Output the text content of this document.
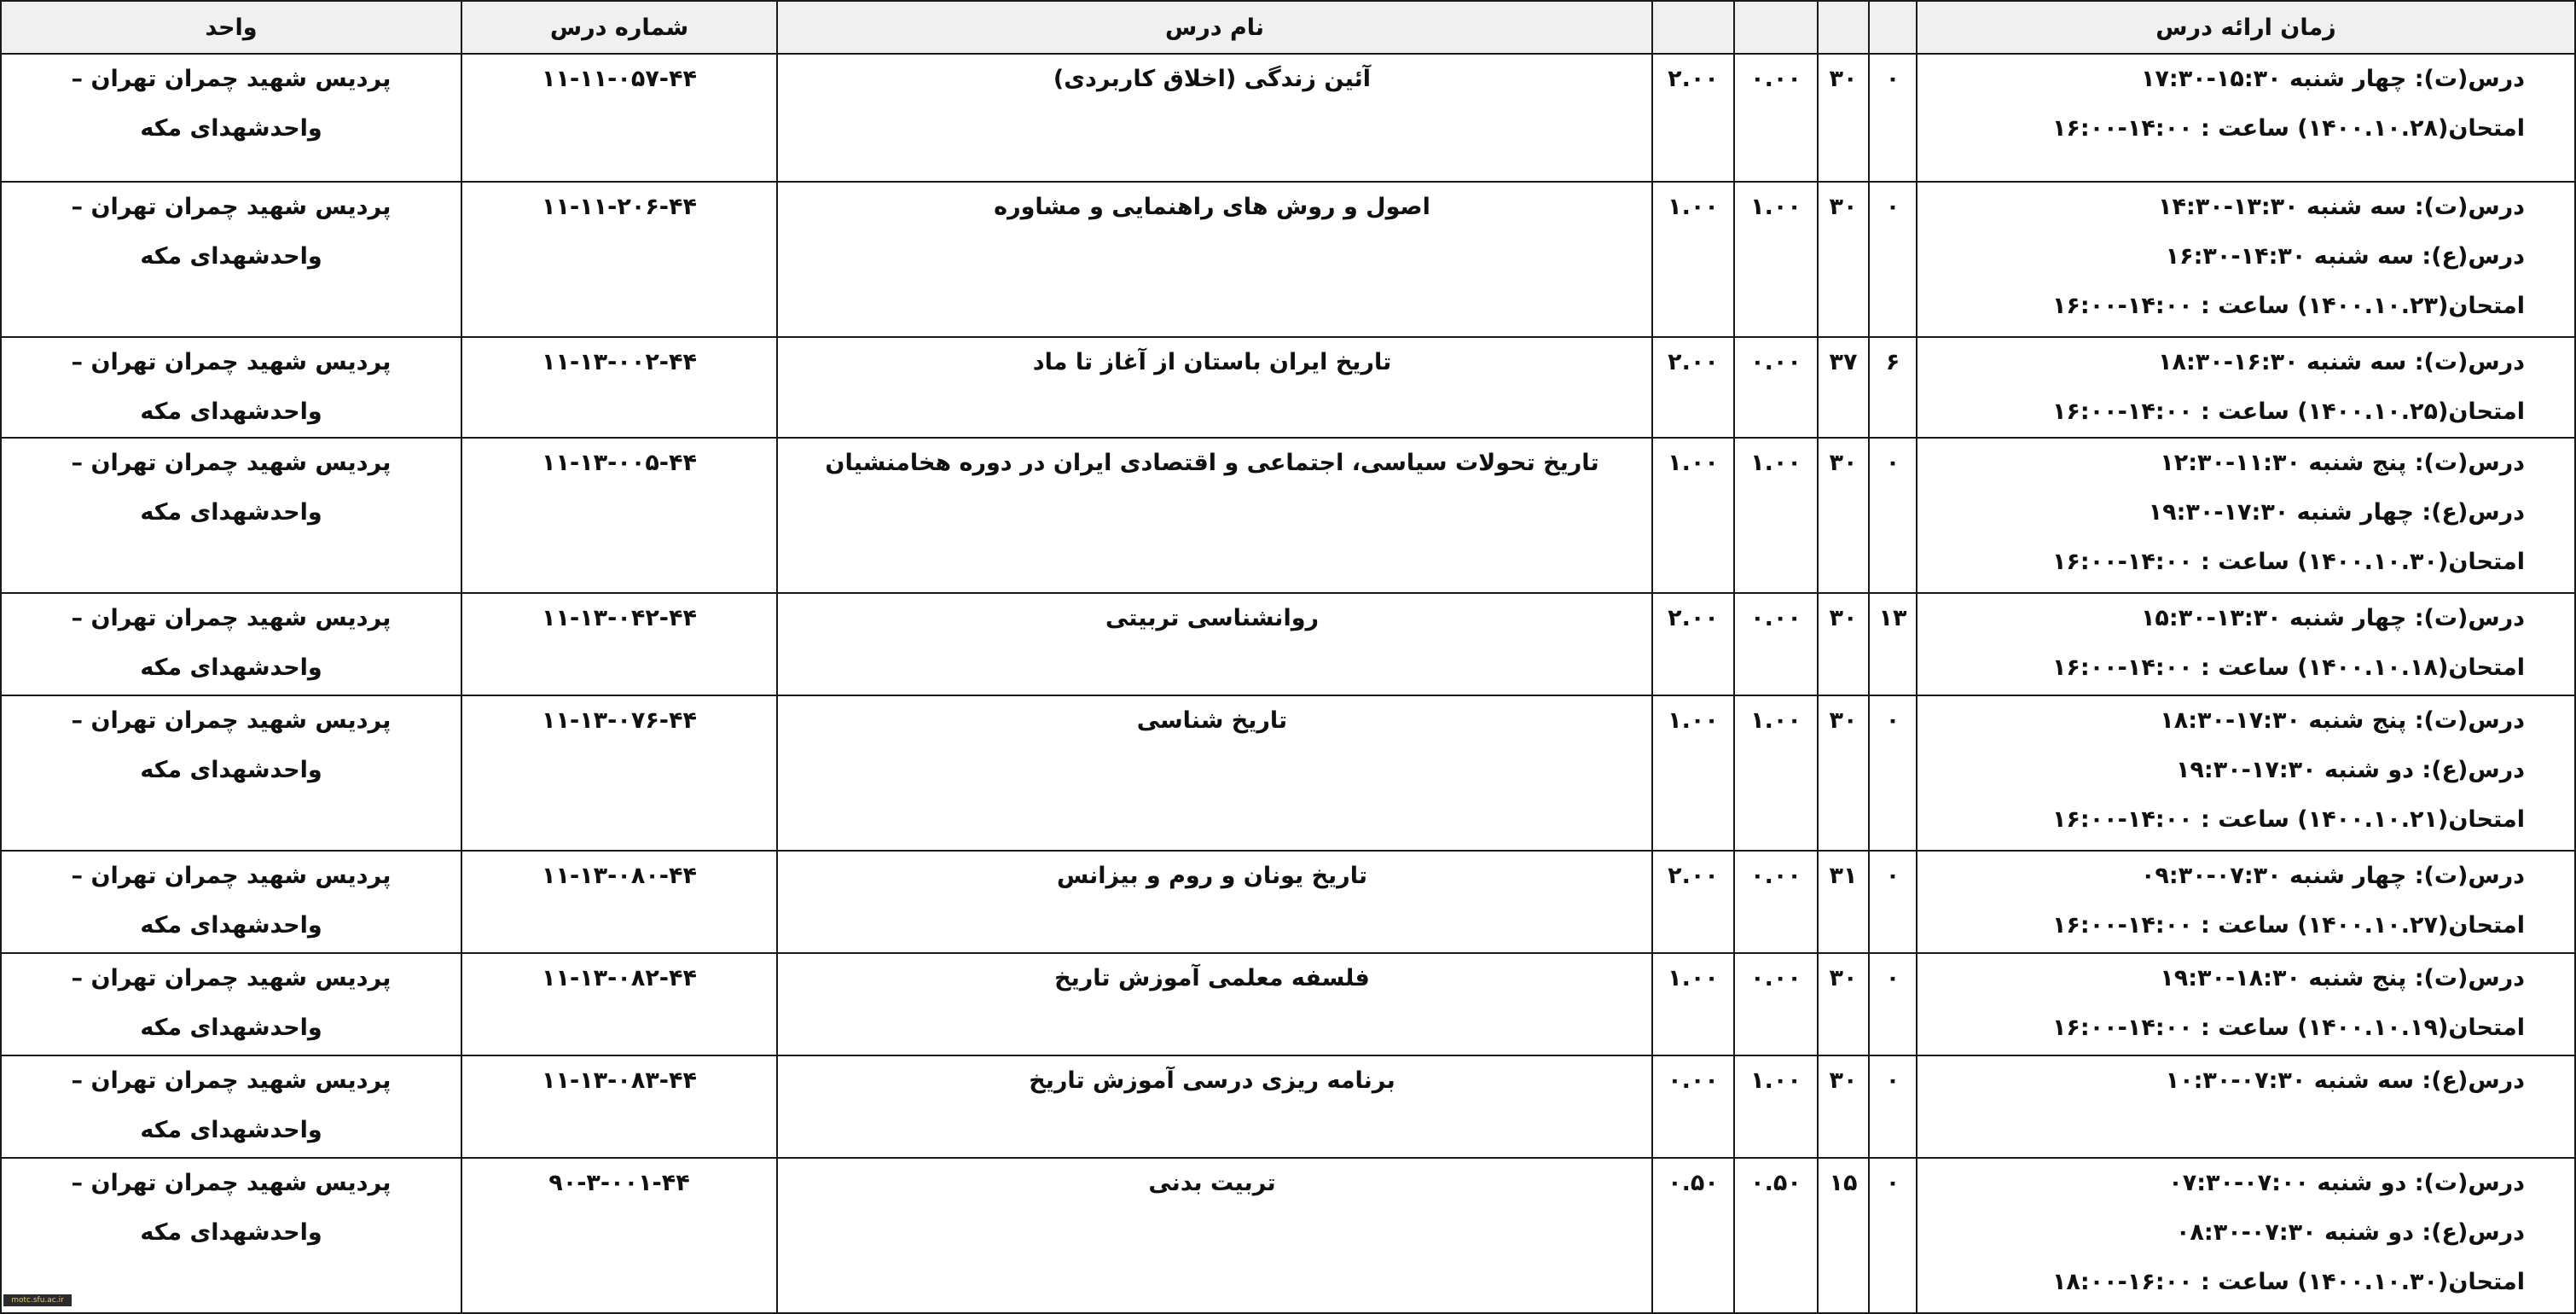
واحد	شماره درس	نام درس					زمان ارائه درس
پردیس شهید چمران تهران – واحدشهدای مکه	۱۱-۱۱-۰۵۷-۴۴	آئین زندگی (اخلاق کاربردی)	۲.۰۰	۰.۰۰	۳۰	۰	درس(ت): چهار شنبه ۱۵:۳۰-۱۷:۳۰
امتحان(۱۴۰۰.۱۰.۲۸) ساعت : ۱۴:۰۰-۱۶:۰۰

پردیس شهید چمران تهران – واحدشهدای مکه	۱۱-۱۱-۲۰۶-۴۴	اصول و روش های راهنمایی و مشاوره	۱.۰۰	۱.۰۰	۳۰	۰	درس(ت): سه شنبه ۱۳:۳۰-۱۴:۳۰
درس(ع): سه شنبه ۱۴:۳۰-۱۶:۳۰
امتحان(۱۴۰۰.۱۰.۲۳) ساعت : ۱۴:۰۰-۱۶:۰۰

پردیس شهید چمران تهران – واحدشهدای مکه	۱۱-۱۳-۰۰۲-۴۴	تاریخ ایران باستان از آغاز تا ماد	۲.۰۰	۰.۰۰	۳۷	۶	درس(ت): سه شنبه ۱۶:۳۰-۱۸:۳۰
امتحان(۱۴۰۰.۱۰.۲۵) ساعت : ۱۴:۰۰-۱۶:۰۰

پردیس شهید چمران تهران – واحدشهدای مکه	۱۱-۱۳-۰۰۵-۴۴	تاریخ تحولات سیاسی، اجتماعی و اقتصادی ایران در دوره هخامنشیان	۱.۰۰	۱.۰۰	۳۰	۰	درس(ت): پنج شنبه ۱۱:۳۰-۱۲:۳۰
درس(ع): چهار شنبه ۱۷:۳۰-۱۹:۳۰
امتحان(۱۴۰۰.۱۰.۳۰) ساعت : ۱۴:۰۰-۱۶:۰۰

پردیس شهید چمران تهران – واحدشهدای مکه	۱۱-۱۳-۰۴۲-۴۴	روانشناسی تربیتی	۲.۰۰	۰.۰۰	۳۰	۱۳	درس(ت): چهار شنبه ۱۳:۳۰-۱۵:۳۰
امتحان(۱۴۰۰.۱۰.۱۸) ساعت : ۱۴:۰۰-۱۶:۰۰

پردیس شهید چمران تهران – واحدشهدای مکه	۱۱-۱۳-۰۷۶-۴۴	تاریخ شناسی	۱.۰۰	۱.۰۰	۳۰	۰	درس(ت): پنج شنبه ۱۷:۳۰-۱۸:۳۰
درس(ع): دو شنبه ۱۷:۳۰-۱۹:۳۰
امتحان(۱۴۰۰.۱۰.۲۱) ساعت : ۱۴:۰۰-۱۶:۰۰

پردیس شهید چمران تهران – واحدشهدای مکه	۱۱-۱۳-۰۸۰-۴۴	تاریخ یونان و روم و بیزانس	۲.۰۰	۰.۰۰	۳۱	۰	درس(ت): چهار شنبه ۰۷:۳۰-۰۹:۳۰
امتحان(۱۴۰۰.۱۰.۲۷) ساعت : ۱۴:۰۰-۱۶:۰۰

پردیس شهید چمران تهران – واحدشهدای مکه	۱۱-۱۳-۰۸۲-۴۴	فلسفه معلمی آموزش تاریخ	۱.۰۰	۰.۰۰	۳۰	۰	درس(ت): پنج شنبه ۱۸:۳۰-۱۹:۳۰
امتحان(۱۴۰۰.۱۰.۱۹) ساعت : ۱۴:۰۰-۱۶:۰۰

پردیس شهید چمران تهران – واحدشهدای مکه	۱۱-۱۳-۰۸۳-۴۴	برنامه ریزی درسی آموزش تاریخ	۰.۰۰	۱.۰۰	۳۰	۰	درس(ع): سه شنبه ۰۷:۳۰-۱۰:۳۰

پردیس شهید چمران تهران – واحدشهدای مکه	۹۰-۳-۰۰۱-۴۴	تربیت بدنی	۰.۵۰	۰.۵۰	۱۵	۰	درس(ت): دو شنبه ۰۷:۰۰-۰۷:۳۰
درس(ع): دو شنبه ۰۷:۳۰-۰۸:۳۰
امتحان(۱۴۰۰.۱۰.۳۰) ساعت : ۱۶:۰۰-۱۸:۰۰
motc.sfu.ac.ir
